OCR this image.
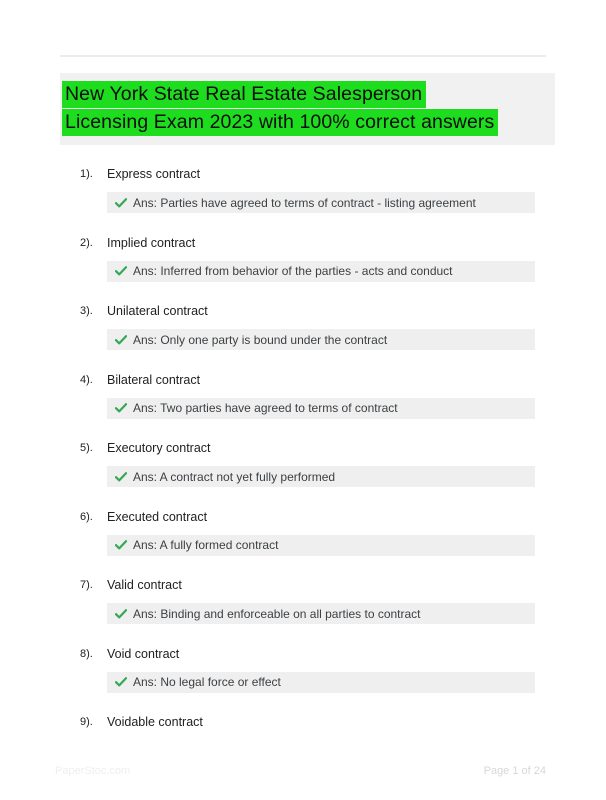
New York State Real Estate Salesperson
Licensing Exam 2023 with 100% correct answers
1).	Express contract
Ans: Parties have agreed to terms of contract - listing agreement
2).	Implied contract
Ans: Inferred from behavior of the parties - acts and conduct
3).	Unilateral contract
Ans: Only one party is bound under the contract
4).	Bilateral contract
Ans: Two parties have agreed to terms of contract
5).	Executory contract
Ans: A contract not yet fully performed
6).	Executed contract
Ans: A fully formed contract
7).	Valid contract
Ans: Binding and enforceable on all parties to contract
8).	Void contract
Ans: No legal force or effect
9).	Voidable contract
PaperStoc.com	Page 1 of 24
